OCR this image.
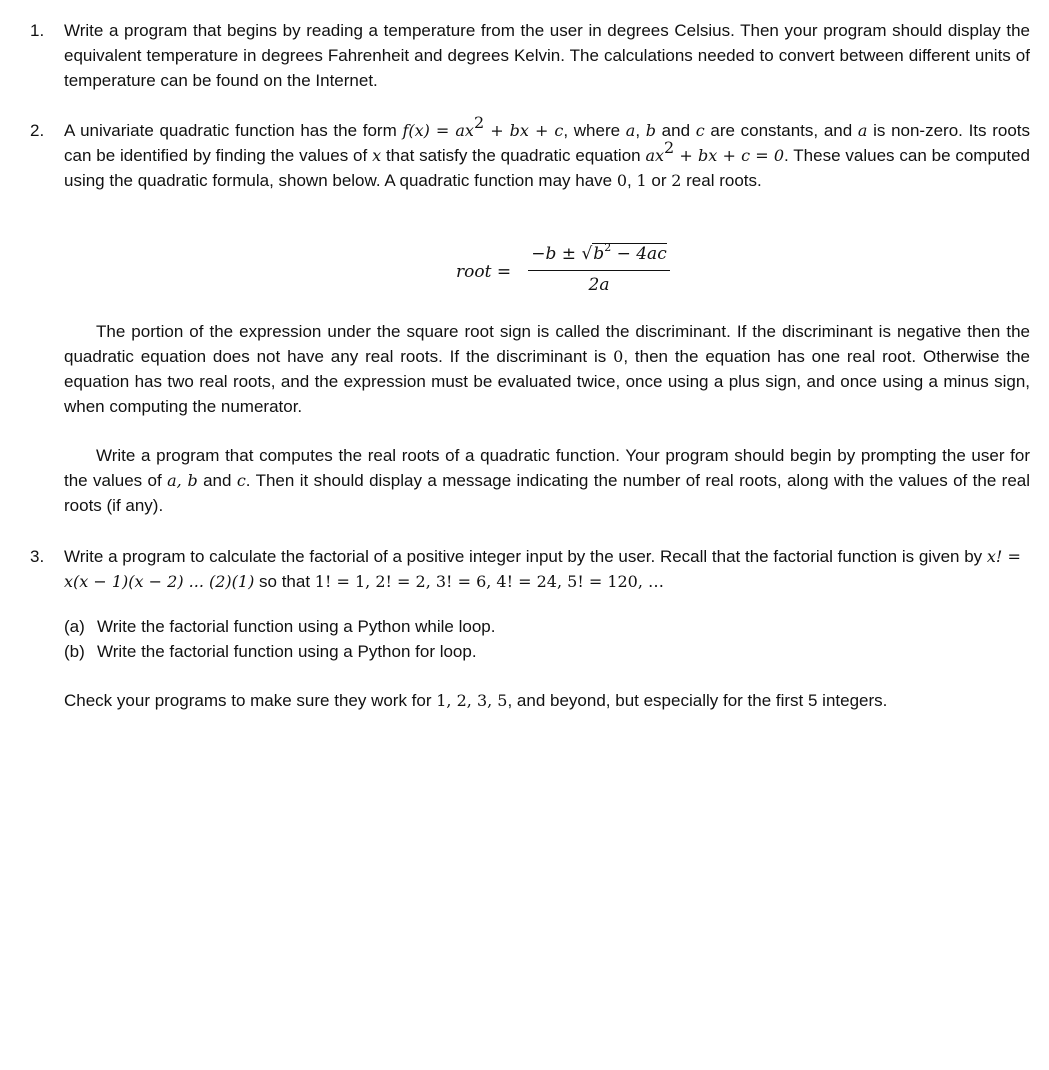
1. Write a program that begins by reading a temperature from the user in degrees Celsius. Then your program should display the equivalent temperature in degrees Fahrenheit and degrees Kelvin. The calculations needed to convert between different units of temperature can be found on the Internet.

2. A univariate quadratic function has the form $f(x) = ax^2$ + bx + c, where a, b and c are constants, and a is non-zero. Its roots can be identified by finding the values of x that satisfy the quadratic equation $ax^2$ + bx + c = 0. These values can be computed using the quadratic formula, shown below. A quadratic function may have 0, 1 or 2 real roots.

root =
$-b \pm √b^2 - 4ac$
2a

The portion of the expression under the square root sign is called the discriminant. If the discriminant is negative then the quadratic equation does not have any real roots. If the discriminant is 0, then the equation has one real root. Otherwise the equation has two real roots, and the expression must be evaluated twice, once using a plus sign, and once using a minus sign, when computing the numerator.

Write a program that computes the real roots of a quadratic function. Your program should begin by prompting the user for the values of a, b and c. Then it should display a message indicating the number of real roots, along with the values of the real roots (if any).

3. Write a program to calculate the factorial of a positive integer input by the user. Recall that the factorial function is given by x! = x(x − 1)(x − 2) ... (2)(1) so that 1! = 1, 2! = 2, 3! = 6, 4! = 24, 5! = 120, …

(a) Write the factorial function using a Python while loop.
(b) Write the factorial function using a Python for loop.

Check your programs to make sure they work for 1, 2, 3, 5, and beyond, but especially for the first 5 integers.
